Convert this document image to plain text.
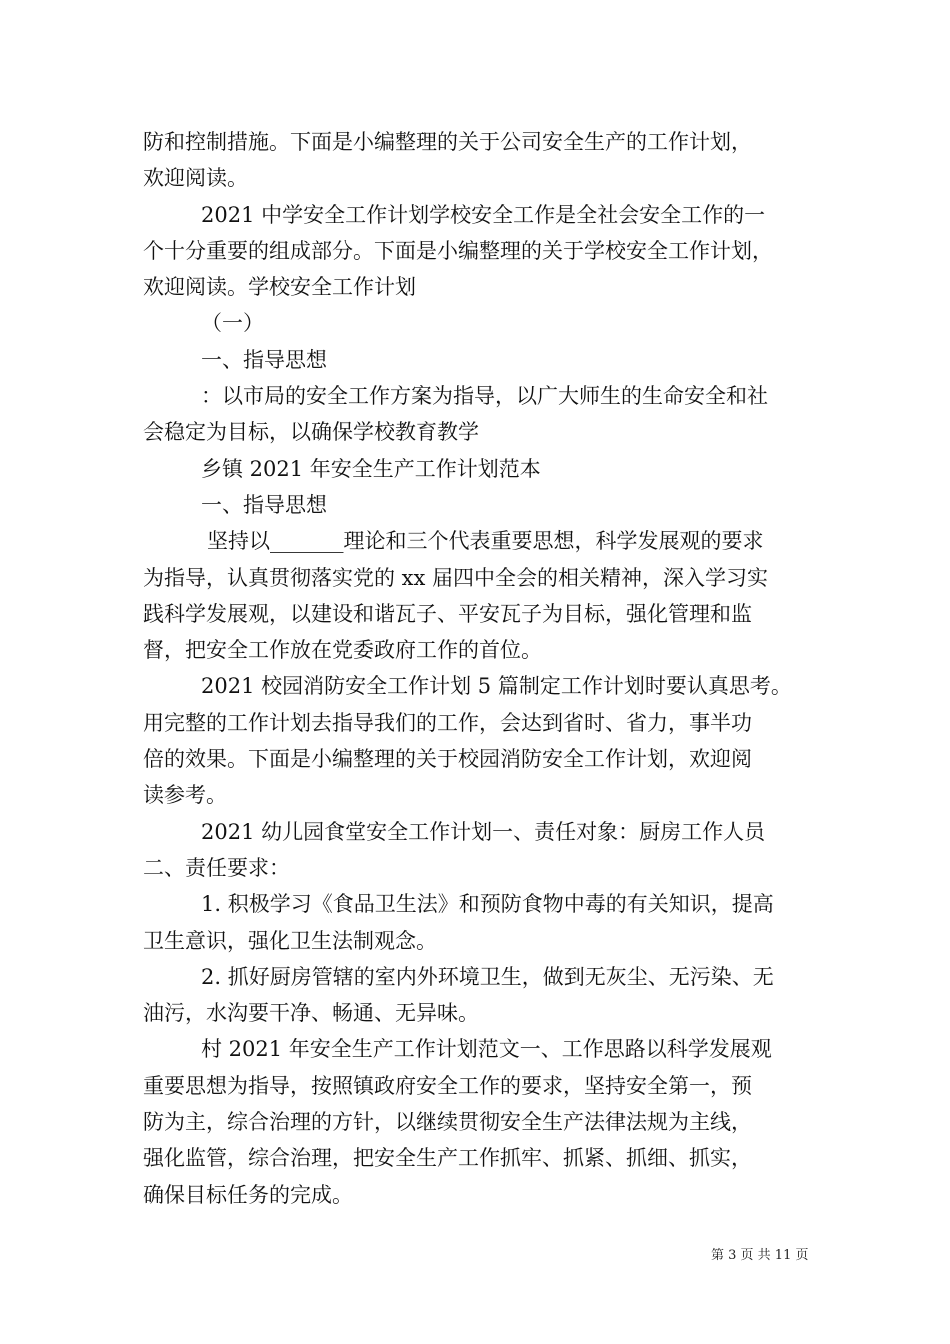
防和控制措施。下面是小编整理的关于公司安全生产的工作计划，
欢迎阅读。
2021 中学安全工作计划学校安全工作是全社会安全工作的一
个十分重要的组成部分。下面是小编整理的关于学校安全工作计划，
欢迎阅读。学校安全工作计划
（一）
一、指导思想
：以市局的安全工作方案为指导，以广大师生的生命安全和社
会稳定为目标，以确保学校教育教学
乡镇 2021 年安全生产工作计划范本
一、指导思想
坚持以_______理论和三个代表重要思想，科学发展观的要求
为指导，认真贯彻落实党的 xx 届四中全会的相关精神，深入学习实
践科学发展观，以建设和谐瓦子、平安瓦子为目标，强化管理和监
督，把安全工作放在党委政府工作的首位。
2021 校园消防安全工作计划 5 篇制定工作计划时要认真思考。
用完整的工作计划去指导我们的工作，会达到省时、省力，事半功
倍的效果。下面是小编整理的关于校园消防安全工作计划，欢迎阅
读参考。
2021 幼儿园食堂安全工作计划一、责任对象：厨房工作人员
二、责任要求：
1. 积极学习《食品卫生法》和预防食物中毒的有关知识，提高
卫生意识，强化卫生法制观念。
2. 抓好厨房管辖的室内外环境卫生，做到无灰尘、无污染、无
油污，水沟要干净、畅通、无异味。
村 2021 年安全生产工作计划范文一、工作思路以科学发展观
重要思想为指导，按照镇政府安全工作的要求，坚持安全第一，预
防为主，综合治理的方针，以继续贯彻安全生产法律法规为主线，
强化监管，综合治理，把安全生产工作抓牢、抓紧、抓细、抓实，
确保目标任务的完成。
第 3 页 共 11 页
